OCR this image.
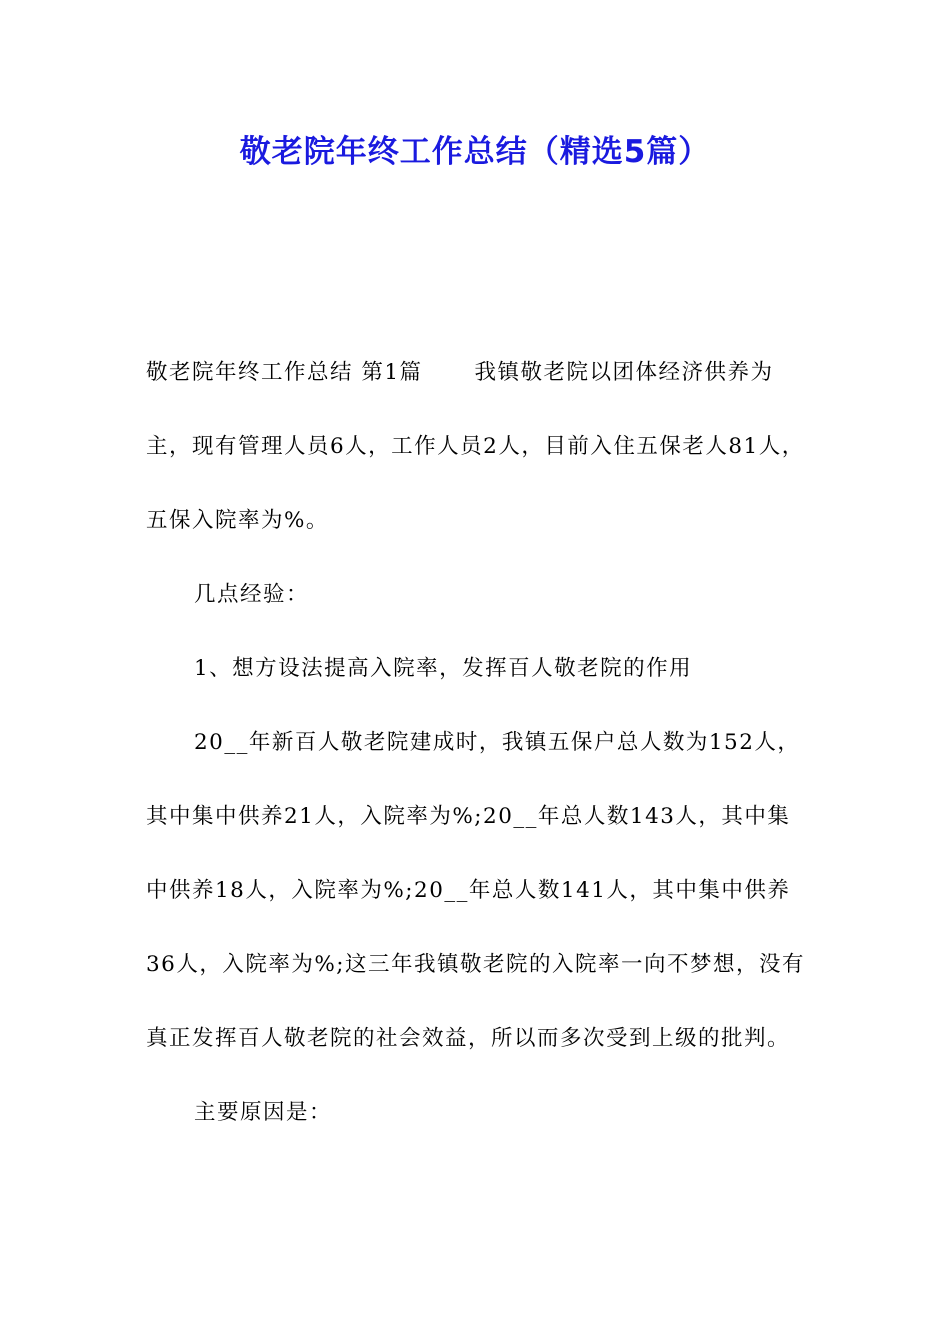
敬老院年终工作总结（精选5篇）

敬老院年终工作总结 第1篇 我镇敬老院以团体经济供养为主，现有管理人员6人，工作人员2人，目前入住五保老人81人，五保入院率为%。

几点经验：

1、想方设法提高入院率，发挥百人敬老院的作用

20__年新百人敬老院建成时，我镇五保户总人数为152人，其中集中供养21人，入院率为%;20__年总人数143人，其中集中供养18人，入院率为%;20__年总人数141人，其中集中供养36人，入院率为%;这三年我镇敬老院的入院率一向不梦想，没有真正发挥百人敬老院的社会效益，所以而多次受到上级的批判。

主要原因是：
